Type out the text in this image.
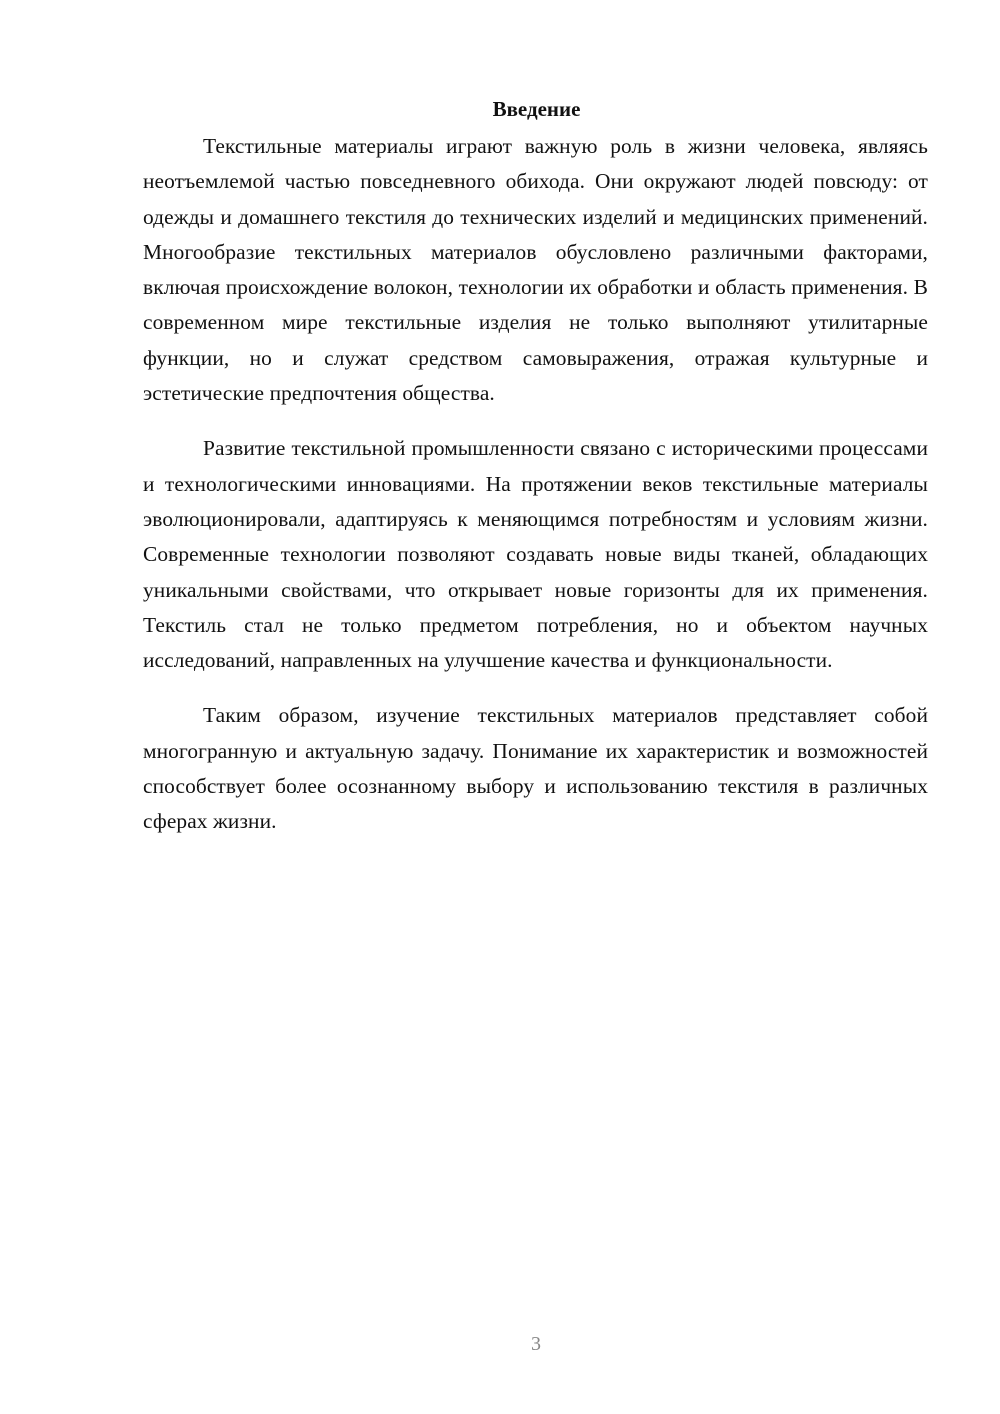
Введение

Текстильные материалы играют важную роль в жизни человека, являясь неотъемлемой частью повседневного обихода. Они окружают людей повсюду: от одежды и домашнего текстиля до технических изделий и медицинских применений. Многообразие текстильных материалов обусловлено различными факторами, включая происхождение волокон, технологии их обработки и область применения. В современном мире текстильные изделия не только выполняют утилитарные функции, но и служат средством самовыражения, отражая культурные и эстетические предпочтения общества.

Развитие текстильной промышленности связано с историческими процессами и технологическими инновациями. На протяжении веков текстильные материалы эволюционировали, адаптируясь к меняющимся потребностям и условиям жизни. Современные технологии позволяют создавать новые виды тканей, обладающих уникальными свойствами, что открывает новые горизонты для их применения. Текстиль стал не только предметом потребления, но и объектом научных исследований, направленных на улучшение качества и функциональности.

Таким образом, изучение текстильных материалов представляет собой многогранную и актуальную задачу. Понимание их характеристик и возможностей способствует более осознанному выбору и использованию текстиля в различных сферах жизни.

3
